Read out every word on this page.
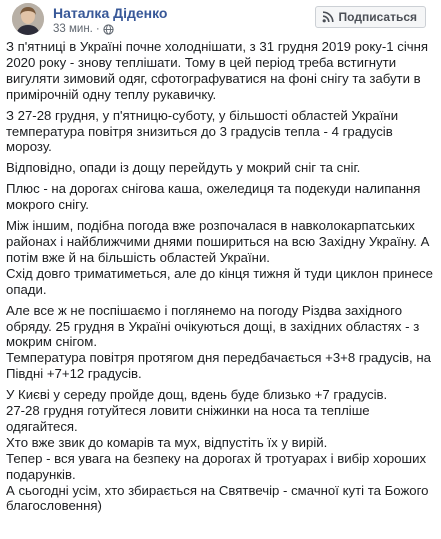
Наталка Діденко
33 мин. ·
Подписаться

З п'ятниці в Україні почне холоднішати, з 31 грудня 2019 року-1 січня 2020 року - знову теплішати. Тому в цей період треба встигнути вигуляти зимовий одяг, сфотографуватися на фоні снігу та забути в примірочній одну теплу рукавичку.

З 27-28 грудня, у п'ятницю-суботу, у більшості областей України температура повітря знизиться до 3 градусів тепла - 4 градусів морозу.

Відповідно, опади із дощу перейдуть у мокрий сніг та сніг.

Плюс - на дорогах снігова каша, ожеледиця та подекуди налипання мокрого снігу.

Між іншим, подібна погода вже розпочалася в навколокарпатських районах і найближчими днями пошириться на всю Західну Україну. А потім вже й на більшість областей України.
Схід довго триматиметься, але до кінця тижня й туди циклон принесе опади.

Але все ж не поспішаємо і поглянемо на погоду Різдва західного обряду. 25 грудня в Україні очікуються дощі, в західних областях - з мокрим снігом.
Температура повітря протягом дня передбачається +3+8 градусів, на Півдні +7+12 градусів.

У Києві у середу пройде дощ, вдень буде близько +7 градусів.
27-28 грудня готуйтеся ловити сніжинки на носа та тепліше одягайтеся.
Хто вже звик до комарів та мух, відпустіть їх у вирій.
Тепер - вся увага на безпеку на дорогах й тротуарах і вибір хороших подарунків.
А сьогодні усім, хто збирається на Святвечір - смачної куті та Божого благословення)
